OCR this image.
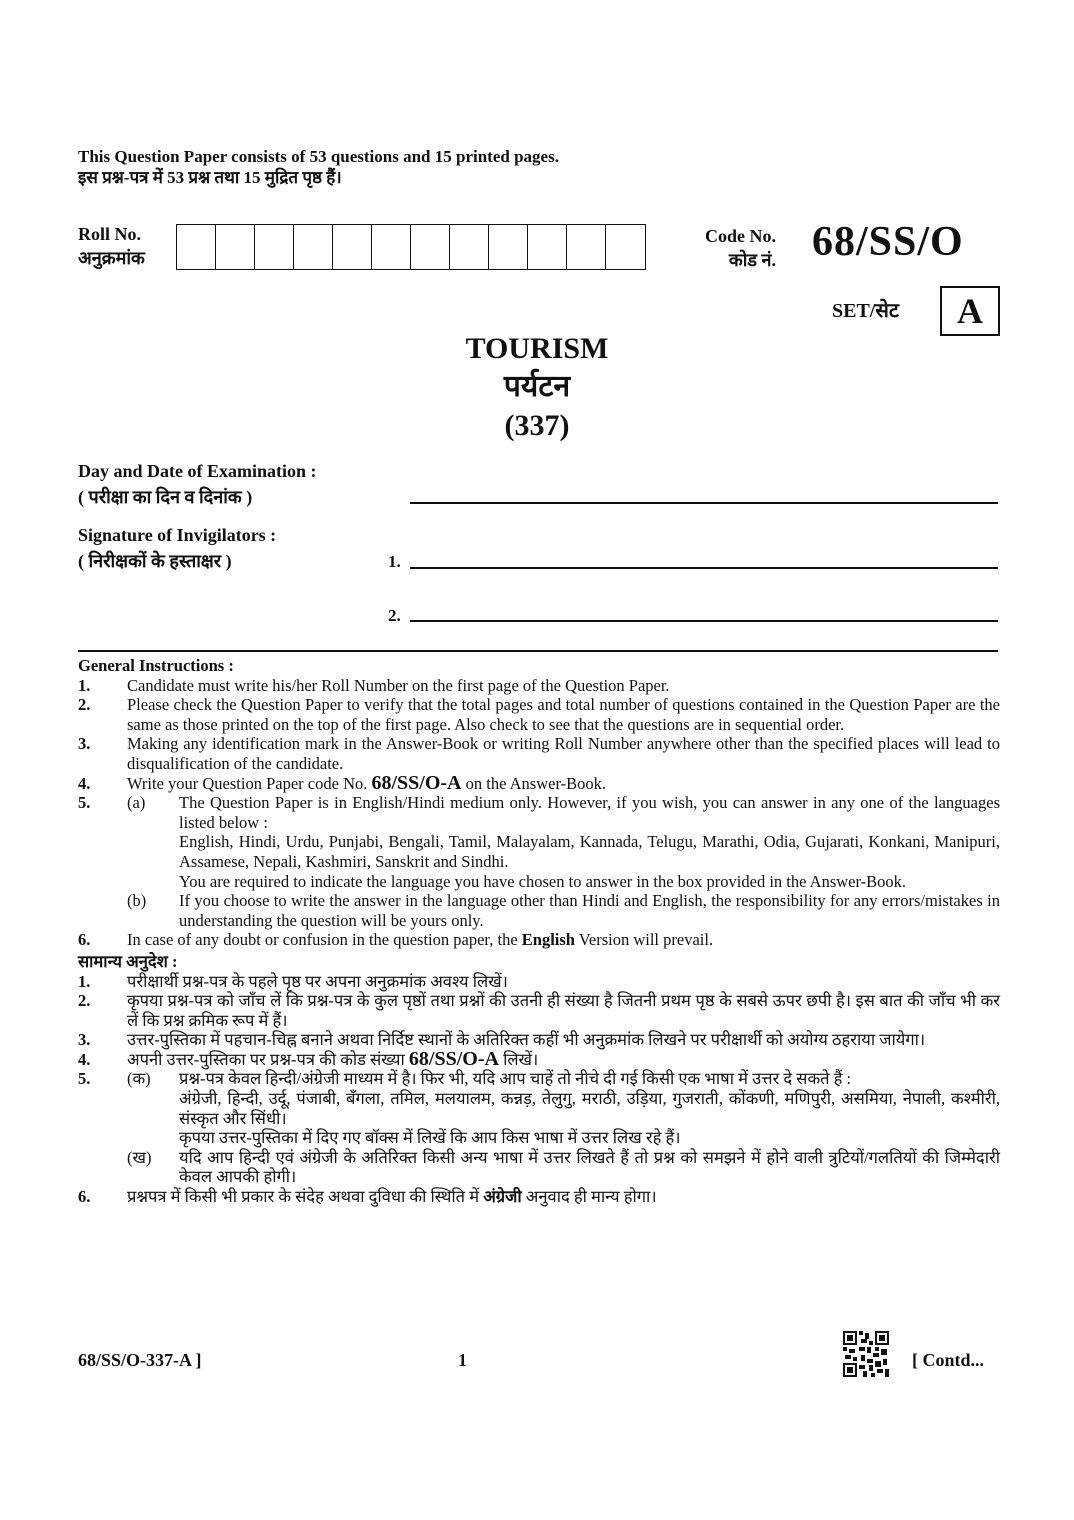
This Question Paper consists of 53 questions and 15 printed pages.
इस प्रश्न-पत्र में 53 प्रश्न तथा 15 मुद्रित पृष्ठ हैं।
Roll No.
अनुक्रमांक
Code No.
कोड नं. 68/SS/O
SET/सेट	A
TOURISM
पर्यटन
(337)
Day and Date of Examination :
( परीक्षा का दिन व दिनांक )
Signature of Invigilators :
( निरीक्षकों के हस्ताक्षर )	1.
2.
General Instructions :
1.	Candidate must write his/her Roll Number on the first page of the Question Paper.
2.	Please check the Question Paper to verify that the total pages and total number of questions contained in the Question Paper are the same as those printed on the top of the first page. Also check to see that the questions are in sequential order.
3.	Making any identification mark in the Answer-Book or writing Roll Number anywhere other than the specified places will lead to disqualification of the candidate.
4.	Write your Question Paper code No. 68/SS/O-A on the Answer-Book.
5.	(a)	The Question Paper is in English/Hindi medium only. However, if you wish, you can answer in any one of the languages listed below :
English, Hindi, Urdu, Punjabi, Bengali, Tamil, Malayalam, Kannada, Telugu, Marathi, Odia, Gujarati, Konkani, Manipuri, Assamese, Nepali, Kashmiri, Sanskrit and Sindhi.
You are required to indicate the language you have chosen to answer in the box provided in the Answer-Book.
(b)	If you choose to write the answer in the language other than Hindi and English, the responsibility for any errors/mistakes in understanding the question will be yours only.
6.	In case of any doubt or confusion in the question paper, the English Version will prevail.
सामान्य अनुदेश :
1.	परीक्षार्थी प्रश्न-पत्र के पहले पृष्ठ पर अपना अनुक्रमांक अवश्य लिखें।
2.	कृपया प्रश्न-पत्र को जाँच लें कि प्रश्न-पत्र के कुल पृष्ठों तथा प्रश्नों की उतनी ही संख्या है जितनी प्रथम पृष्ठ के सबसे ऊपर छपी है। इस बात की जाँच भी कर लें कि प्रश्न क्रमिक रूप में हैं।
3.	उत्तर-पुस्तिका में पहचान-चिह्न बनाने अथवा निर्दिष्ट स्थानों के अतिरिक्त कहीं भी अनुक्रमांक लिखने पर परीक्षार्थी को अयोग्य ठहराया जायेगा।
4.	अपनी उत्तर-पुस्तिका पर प्रश्न-पत्र की कोड संख्या 68/SS/O-A लिखें।
5.	(क)	प्रश्न-पत्र केवल हिन्दी/अंग्रेजी माध्यम में है। फिर भी, यदि आप चाहें तो नीचे दी गई किसी एक भाषा में उत्तर दे सकते हैं :
अंग्रेजी, हिन्दी, उर्दू, पंजाबी, बँगला, तमिल, मलयालम, कन्नड़, तेलुगु, मराठी, उड़िया, गुजराती, कोंकणी, मणिपुरी, असमिया, नेपाली, कश्मीरी, संस्कृत और सिंधी।
कृपया उत्तर-पुस्तिका में दिए गए बॉक्स में लिखें कि आप किस भाषा में उत्तर लिख रहे हैं।
(ख)	यदि आप हिन्दी एवं अंग्रेजी के अतिरिक्त किसी अन्य भाषा में उत्तर लिखते हैं तो प्रश्न को समझने में होने वाली त्रुटियों/गलतियों की जिम्मेदारी केवल आपकी होगी।
6.	प्रश्नपत्र में किसी भी प्रकार के संदेह अथवा दुविधा की स्थिति में अंग्रेजी अनुवाद ही मान्य होगा।
68/SS/O-337-A ]	1	[ Contd...
